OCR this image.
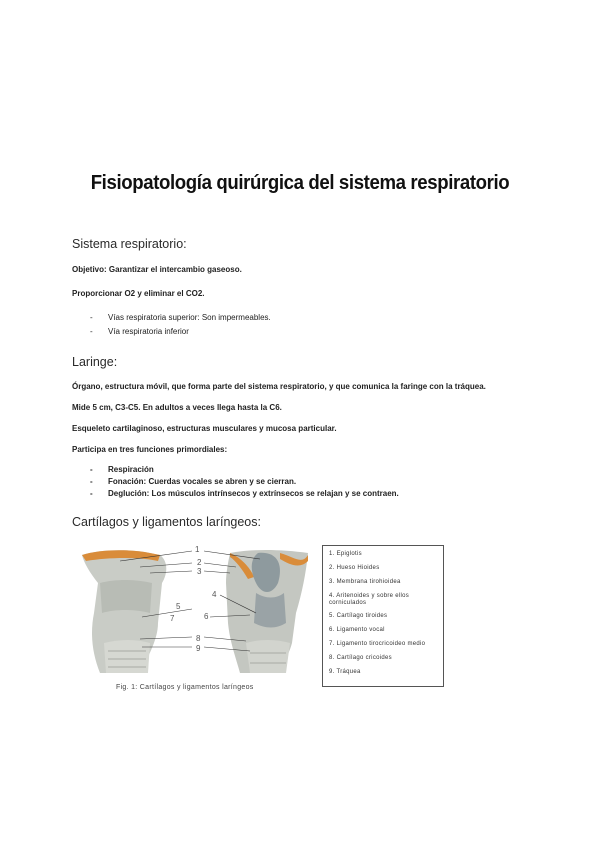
Fisiopatología quirúrgica del sistema respiratorio
Sistema respiratorio:
Objetivo: Garantizar el intercambio gaseoso.
Proporcionar O2 y eliminar el CO2.
- Vías respiratoria superior: Son impermeables.
- Vía respiratoria inferior
Laringe:
Órgano, estructura móvil, que forma parte del sistema respiratorio, y que comunica la faringe con la tráquea.
Mide 5 cm, C3-C5. En adultos a veces llega hasta la C6.
Esqueleto cartilaginoso, estructuras musculares y mucosa particular.
Participa en tres funciones primordiales:
- Respiración
- Fonación: Cuerdas vocales se abren y se cierran.
- Deglución: Los músculos intrínsecos y extrínsecos se relajan y se contraen.
Cartílagos y ligamentos laríngeos:
1
2
3
4
5
6
7
8
9
Fig. 1: Cartílagos y ligamentos laríngeos
1. Epiglotis
2. Hueso Hioides
3. Membrana tirohioidea
4. Aritenoides y sobre ellos corniculados
5. Cartílago tiroides
6. Ligamento vocal
7. Ligamento tirocricoideo medio
8. Cartílago cricoides
9. Tráquea
